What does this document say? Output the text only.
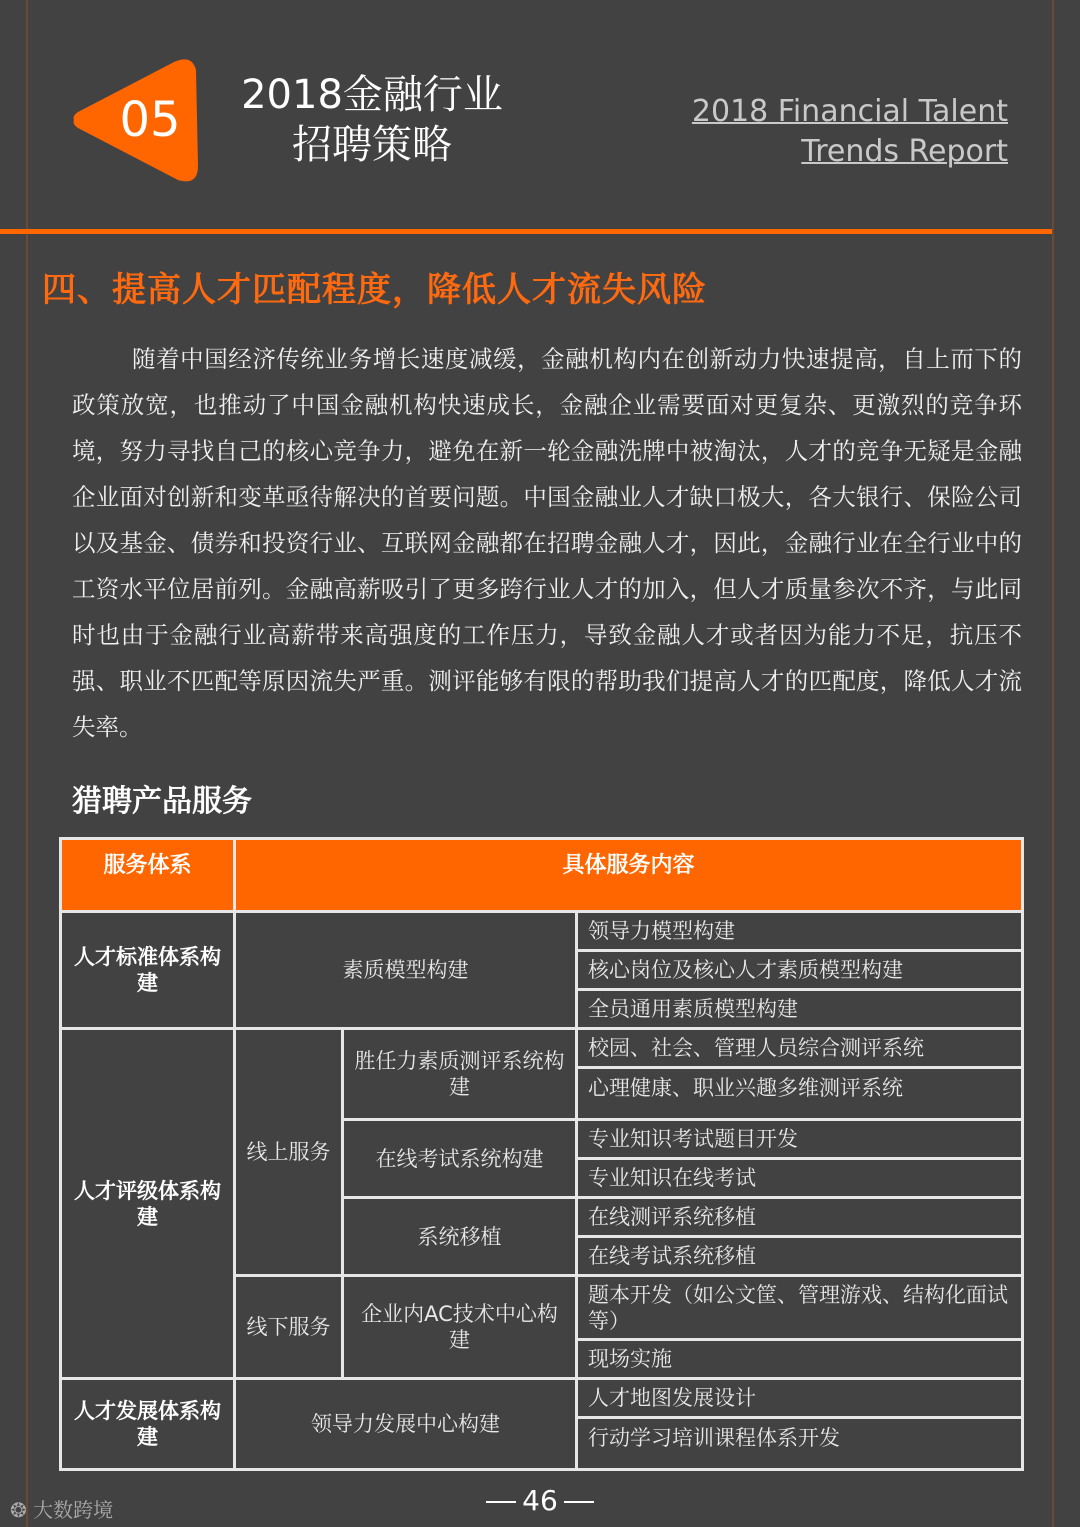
05	2018金融行业
招聘策略
2018 Financial Talent
Trends Report
四、提高人才匹配程度，降低人才流失风险
随着中国经济传统业务增长速度减缓，金融机构内在创新动力快速提高，自上而下的政策放宽，也推动了中国金融机构快速成长，金融企业需要面对更复杂、更激烈的竞争环境，努力寻找自己的核心竞争力，避免在新一轮金融洗牌中被淘汰，人才的竞争无疑是金融企业面对创新和变革亟待解决的首要问题。中国金融业人才缺口极大，各大银行、保险公司以及基金、债券和投资行业、互联网金融都在招聘金融人才，因此，金融行业在全行业中的工资水平位居前列。金融高薪吸引了更多跨行业人才的加入，但人才质量参次不齐，与此同时也由于金融行业高薪带来高强度的工作压力，导致金融人才或者因为能力不足，抗压不强、职业不匹配等原因流失严重。测评能够有限的帮助我们提高人才的匹配度，降低人才流失率。
猎聘产品服务
服务体系	具体服务内容		
人才标准体系构建	素质模型构建		领导力模型构建
			核心岗位及核心人才素质模型构建
			全员通用素质模型构建
人才评级体系构建	线上服务	胜任力素质测评系统构建	校园、社会、管理人员综合测评系统
			心理健康、职业兴趣多维测评系统
		在线考试系统构建	专业知识考试题目开发
			专业知识在线考试
		系统移植	在线测评系统移植
			在线考试系统移植
	线下服务	企业内AC技术中心构建	题本开发（如公文筐、管理游戏、结构化面试等）
			现场实施
人才发展体系构建	领导力发展中心构建		人才地图发展设计
			行动学习培训课程体系开发
46
❂ 大数跨境
